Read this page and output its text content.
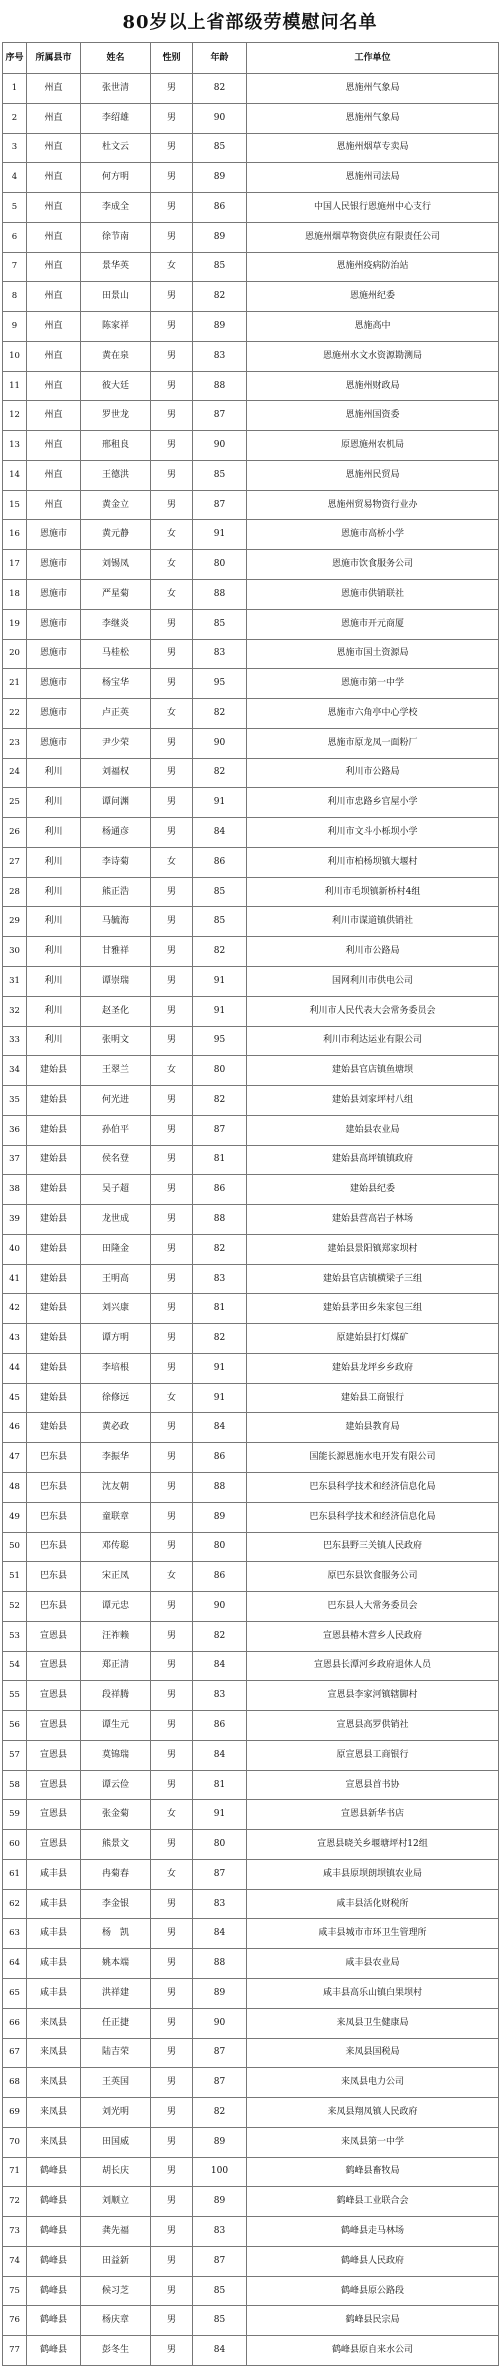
80岁以上省部级劳模慰问名单
序号	所属县市	姓名	性别	年龄	工作单位
1	州直	张世清	男	82	恩施州气象局
2	州直	李绍雄	男	90	恩施州气象局
3	州直	杜文云	男	85	恩施州烟草专卖局
4	州直	何方明	男	89	恩施州司法局
5	州直	李成全	男	86	中国人民银行恩施州中心支行
6	州直	徐节南	男	89	恩施州烟草物资供应有限责任公司
7	州直	景华英	女	85	恩施州疫病防治站
8	州直	田景山	男	82	恩施州纪委
9	州直	陈家祥	男	89	恩施高中
10	州直	黄在泉	男	83	恩施州水文水资源勘测局
11	州直	彼大廷	男	88	恩施州财政局
12	州直	罗世龙	男	87	恩施州国资委
13	州直	邢租良	男	90	原恩施州农机局
14	州直	王德洪	男	85	恩施州民贸局
15	州直	黄金立	男	87	恩施州贸易物资行业办
16	恩施市	黄元静	女	91	恩施市高桥小学
17	恩施市	刘锡凤	女	80	恩施市饮食服务公司
18	恩施市	严星菊	女	88	恩施市供销联社
19	恩施市	李继炎	男	85	恩施市开元商厦
20	恩施市	马桂松	男	83	恩施市国土资源局
21	恩施市	杨宝华	男	95	恩施市第一中学
22	恩施市	卢正英	女	82	恩施市六角亭中心学校
23	恩施市	尹少荣	男	90	恩施市原龙凤一面粉厂
24	利川	刘福权	男	82	利川市公路局
25	利川	谭问渊	男	91	利川市忠路乡官屋小学
26	利川	杨通彦	男	84	利川市文斗小栎坝小学
27	利川	李诗菊	女	86	利川市柏杨坝镇大堰村
28	利川	熊正浩	男	85	利川市毛坝镇新桥村4组
29	利川	马毓海	男	85	利川市谋道镇供销社
30	利川	甘雅祥	男	82	利川市公路局
31	利川	谭崇瑞	男	91	国网利川市供电公司
32	利川	赵圣化	男	91	利川市人民代表大会常务委员会
33	利川	张明文	男	95	利川市利达运业有限公司
34	建始县	王翠兰	女	80	建始县官店镇鱼塘坝
35	建始县	何光进	男	82	建始县刘家坪村八组
36	建始县	孙伯平	男	87	建始县农业局
37	建始县	侯名登	男	81	建始县高坪镇镇政府
38	建始县	吴子超	男	86	建始县纪委
39	建始县	龙世成	男	88	建始县营高岩子林场
40	建始县	田隆金	男	82	建始县景阳镇郑家坝村
41	建始县	王明高	男	83	建始县官店镇横梁子三组
42	建始县	刘兴康	男	81	建始县茅田乡朱家包三组
43	建始县	谭方明	男	82	原建始县打灯煤矿
44	建始县	李培根	男	91	建始县龙坪乡乡政府
45	建始县	徐修远	女	91	建始县工商银行
46	建始县	黄必政	男	84	建始县教育局
47	巴东县	李振华	男	86	国能长源恩施水电开发有限公司
48	巴东县	沈友朝	男	88	巴东县科学技术和经济信息化局
49	巴东县	童联章	男	89	巴东县科学技术和经济信息化局
50	巴东县	邓传聪	男	80	巴东县野三关镇人民政府
51	巴东县	宋正凤	女	86	原巴东县饮食服务公司
52	巴东县	谭元忠	男	90	巴东县人大常务委员会
53	宣恩县	汪祚赖	男	82	宣恩县椿木营乡人民政府
54	宣恩县	郑正清	男	84	宣恩县长潭河乡政府退休人员
55	宣恩县	段祥腾	男	83	宣恩县李家河镇辖脚村
56	宣恩县	谭生元	男	86	宣恩县高罗供销社
57	宣恩县	莫锦瑞	男	84	原宣恩县工商银行
58	宣恩县	谭云俭	男	81	宣恩县首书协
59	宣恩县	张金菊	女	91	宣恩县新华书店
60	宣恩县	熊景文	男	80	宣恩县晓关乡堰塘坪村12组
61	咸丰县	冉菊春	女	87	咸丰县原坝朗坝镇农业局
62	咸丰县	李金银	男	83	咸丰县活化财税所
63	咸丰县	杨　凯	男	84	咸丰县城市市环卫生管理所
64	咸丰县	姚本端	男	88	咸丰县农业局
65	咸丰县	洪祥建	男	89	咸丰县高乐山镇白果坝村
66	来凤县	任正捷	男	90	来凤县卫生健康局
67	来凤县	陆吉荣	男	87	来凤县国税局
68	来凤县	王英国	男	87	来凤县电力公司
69	来凤县	刘光明	男	82	来凤县翔凤镇人民政府
70	来凤县	田国威	男	89	来凤县第一中学
71	鹤峰县	胡长庆	男	100	鹤峰县畜牧局
72	鹤峰县	刘顺立	男	89	鹤峰县工业联合会
73	鹤峰县	龚先福	男	83	鹤峰县走马林场
74	鹤峰县	田益新	男	87	鹤峰县人民政府
75	鹤峰县	候习芝	男	85	鹤峰县原公路段
76	鹤峰县	杨庆章	男	85	鹤峰县民宗局
77	鹤峰县	彭冬生	男	84	鹤峰县原自来水公司
